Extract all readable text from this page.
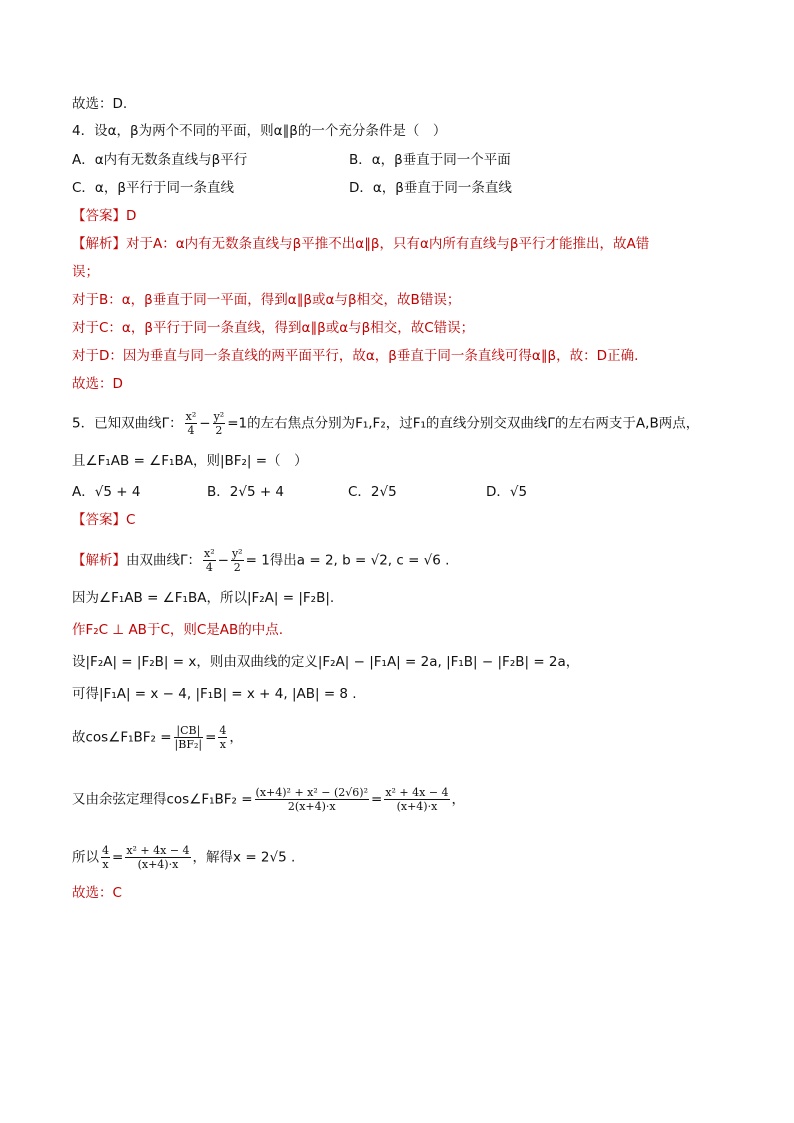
故选：D.
4．设α，β为两个不同的平面，则α∥β的一个充分条件是（　）
A．α内有无数条直线与β平行	B．α，β垂直于同一个平面
C．α，β平行于同一条直线	D．α，β垂直于同一条直线
【答案】D
【解析】对于A：α内有无数条直线与β平推不出α∥β，只有α内所有直线与β平行才能推出，故A错
误；
对于B：α，β垂直于同一平面，得到α∥β或α与β相交，故B错误；
对于C：α，β平行于同一条直线，得到α∥β或α与β相交，故C错误；
对于D：因为垂直与同一条直线的两平面平行，故α，β垂直于同一条直线可得α∥β，故：D正确.
故选：D
5．已知双曲线Γ： $\frac{\text{x²}}{4} - \frac{\text{y²}}{2} =1$的左右焦点分别为F₁,F₂，过F₁的直线分别交双曲线Γ的左右两支于A,B两点，
且∠F₁AB = ∠F₁BA，则|BF₂| =（　）
A．√5 + 4	B．2√5 + 4	C．2√5	D．√5
【答案】C
【解析】由双曲线Γ： $\frac{\text{x²}}{4} - \frac{\text{y²}}{2} = 1$得出a = 2, b = √2, c = √6 .
因为∠F₁AB = ∠F₁BA，所以|F₂A| = |F₂B|.
作F₂C ⊥ AB于C，则C是AB的中点.
设|F₂A| = |F₂B| = x，则由双曲线的定义|F₂A| − |F₁A| = 2a, |F₁B| − |F₂B| = 2a，
可得|F₁A| = x − 4, |F₁B| = x + 4, |AB| = 8 .
故cos∠F₁BF₂ = $\frac{|CB|}{\text{|BF₂|}} = \frac{4}{x}$ ，
又由余弦定理得cos∠F₁BF₂ = $\frac{\text{(x+4)² + x² − (2√6)²}}{2(x+4)\cdot x} = \frac{\text{x² + 4x − 4}}{(x+4)\cdot x}$ ，
所以 $\frac{4}{x} = \frac{\text{x² + 4x − 4}}{(x+4)\cdot x}$ ，解得x = 2√5 .
故选：C
